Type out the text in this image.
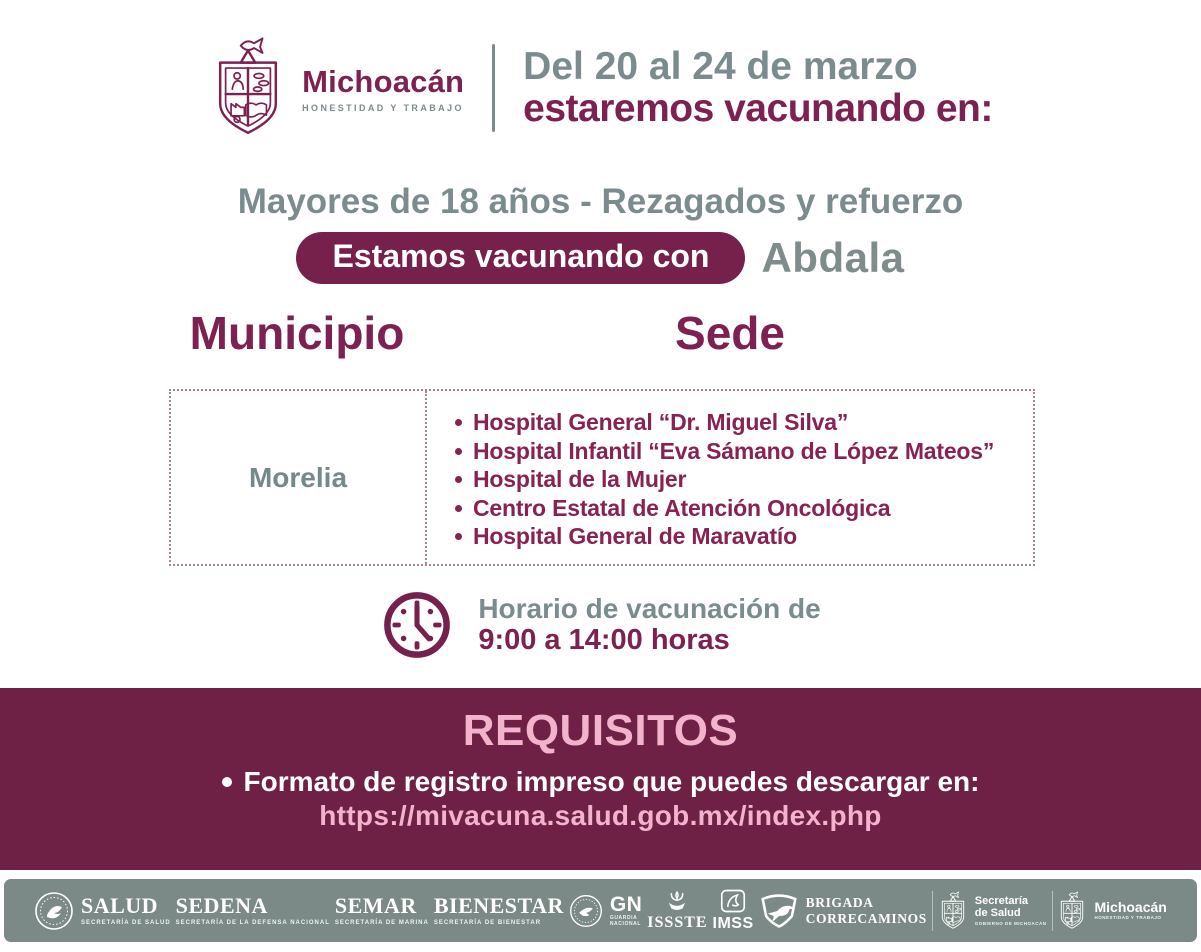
Michoacán
HONESTIDAD Y TRABAJO
Del 20 al 24 de marzo
estaremos vacunando en:
Mayores de 18 años - Rezagados y refuerzo
Estamos vacunando con	Abdala
Municipio	Sede
Morelia
Hospital General “Dr. Miguel Silva”
Hospital Infantil “Eva Sámano de López Mateos”
Hospital de la Mujer
Centro Estatal de Atención Oncológica
Hospital General de Maravatío
Horario de vacunación de
9:00 a 14:00 horas
REQUISITOS
Formato de registro impreso que puedes descargar en:
https://mivacuna.salud.gob.mx/index.php
SALUD
SECRETARÍA DE SALUD
SEDENA
SECRETARÍA DE LA DEFENSA NACIONAL
SEMAR
SECRETARÍA DE MARINA
BIENESTAR
SECRETARÍA DE BIENESTAR
GN
GUARDIA
NACIONAL ISSSTE IMSS
BRIGADA
CORRECAMINOS
Secretaría
de Salud
GOBIERNO DE MICHOACÁN
Michoacán
HONESTIDAD Y TRABAJO
